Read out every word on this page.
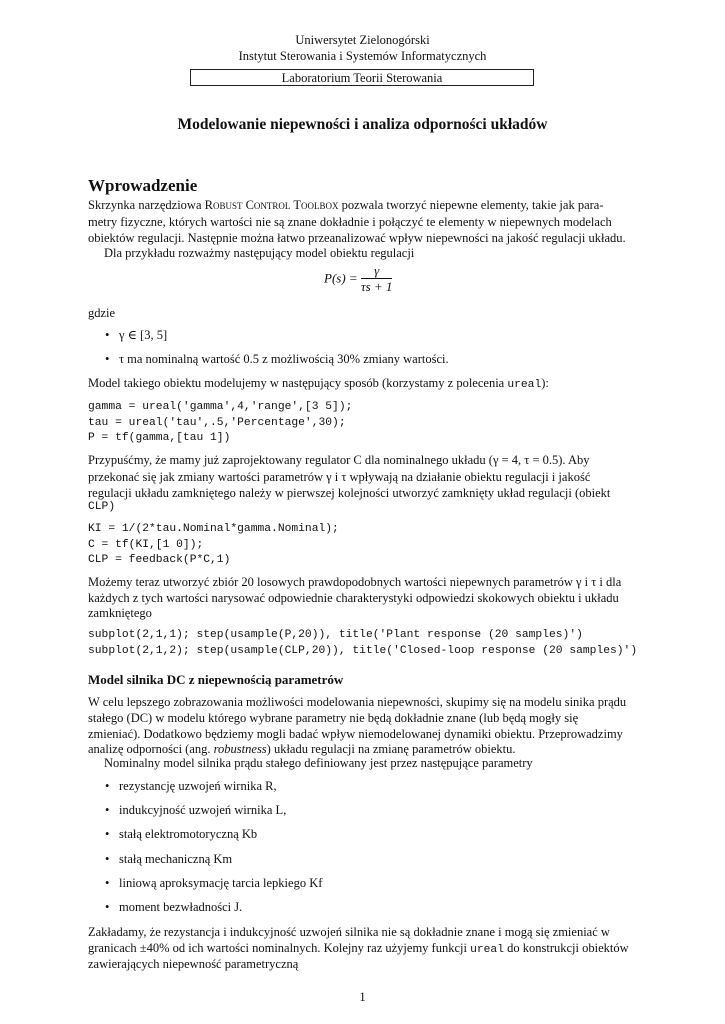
Uniwersytet Zielonogórski
Instytut Sterowania i Systemów Informatycznych
Laboratorium Teorii Sterowania
Modelowanie niepewności i analiza odporności układów
Wprowadzenie
Skrzynka narzędziowa Robust Control Toolbox pozwala tworzyć niepewne elementy, takie jak para-
metry fizyczne, których wartości nie są znane dokładnie i połączyć te elementy w niepewnych modelach
obiektów regulacji. Następnie można łatwo przeanalizować wpływ niepewności na jakość regulacji układu.
Dla przykładu rozważmy następujący model obiektu regulacji
$P(s) = \frac{\gamma}{\tau s + 1}$
gdzie
• γ ∈ [3, 5]
• τ ma nominalną wartość 0.5 z możliwością 30% zmiany wartości.
Model takiego obiektu modelujemy w następujący sposób (korzystamy z polecenia ureal):
gamma = ureal('gamma',4,'range',[3 5]);
tau = ureal('tau',.5,'Percentage',30);
P = tf(gamma,[tau 1])
Przypuśćmy, że mamy już zaprojektowany regulator C dla nominalnego układu (γ = 4, τ = 0.5). Aby
przekonać się jak zmiany wartości parametrów γ i τ wpływają na działanie obiektu regulacji i jakość
regulacji układu zamkniętego należy w pierwszej kolejności utworzyć zamknięty układ regulacji (obiekt
CLP)
KI = 1/(2*tau.Nominal*gamma.Nominal);
C = tf(KI,[1 0]);
CLP = feedback(P*C,1)
Możemy teraz utworzyć zbiór 20 losowych prawdopodobnych wartości niepewnych parametrów γ i τ i dla
każdych z tych wartości narysować odpowiednie charakterystyki odpowiedzi skokowych obiektu i układu
zamkniętego
subplot(2,1,1); step(usample(P,20)), title('Plant response (20 samples)')
subplot(2,1,2); step(usample(CLP,20)), title('Closed-loop response (20 samples)')
Model silnika DC z niepewnością parametrów
W celu lepszego zobrazowania możliwości modelowania niepewności, skupimy się na modelu sinika prądu
stałego (DC) w modelu którego wybrane parametry nie będą dokładnie znane (lub będą mogły się
zmieniać). Dodatkowo będziemy mogli badać wpływ niemodelowanej dynamiki obiektu. Przeprowadzimy
analizę odporności (ang. robustness) układu regulacji na zmianę parametrów obiektu.
Nominalny model silnika prądu stałego definiowany jest przez następujące parametry
• rezystancję uzwojeń wirnika R,
• indukcyjność uzwojeń wirnika L,
• stałą elektromotoryczną Kb
• stałą mechaniczną Km
• liniową aproksymację tarcia lepkiego Kf
• moment bezwładności J.
Zakładamy, że rezystancja i indukcyjność uzwojeń silnika nie są dokładnie znane i mogą się zmieniać w
granicach ±40% od ich wartości nominalnych. Kolejny raz użyjemy funkcji ureal do konstrukcji obiektów
zawierających niepewność parametryczną
1
